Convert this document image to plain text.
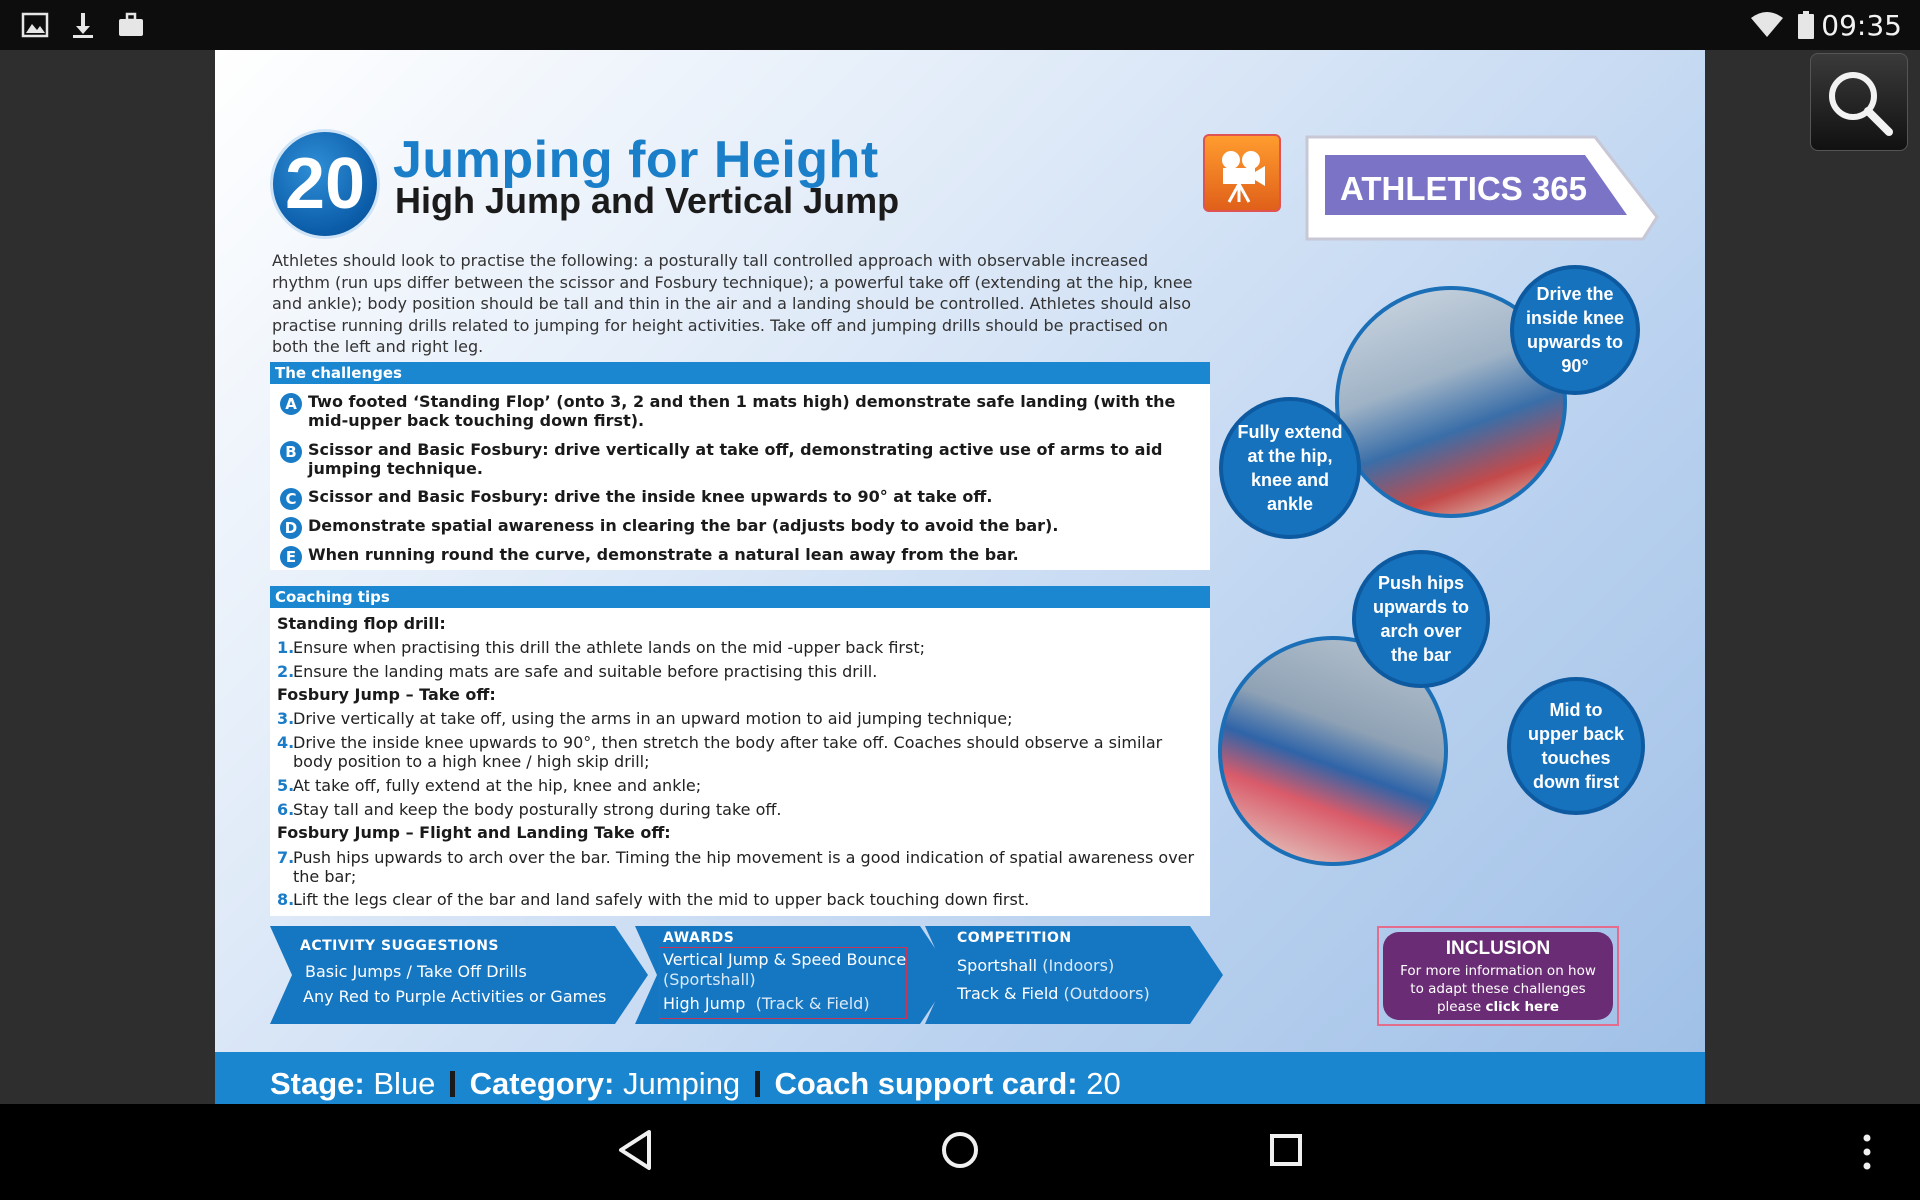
09:35
20 Jumping for Height
High Jump and Vertical Jump	ATHLETICS 365
Athletes should look to practise the following: a posturally tall controlled approach with observable increased rhythm (run ups differ between the scissor and Fosbury technique); a powerful take off (extending at the hip, knee and ankle); body position should be tall and thin in the air and a landing should be controlled. Athletes should also practise running drills related to jumping for height activities. Take off and jumping drills should be practised on both the left and right leg.
The challenges
A Two footed ‘Standing Flop’ (onto 3, 2 and then 1 mats high) demonstrate safe landing (with the mid-upper back touching down first).
B Scissor and Basic Fosbury: drive vertically at take off, demonstrating active use of arms to aid jumping technique.
C Scissor and Basic Fosbury: drive the inside knee upwards to 90° at take off.
D Demonstrate spatial awareness in clearing the bar (adjusts body to avoid the bar).
E When running round the curve, demonstrate a natural lean away from the bar.
Coaching tips
Standing flop drill:
1.
Ensure when practising this drill the athlete lands on the mid -upper back first;
2.
Ensure the landing mats are safe and suitable before practising this drill.
Fosbury Jump – Take off:
3.
Drive vertically at take off, using the arms in an upward motion to aid jumping technique;
4.
Drive the inside knee upwards to 90°, then stretch the body after take off. Coaches should observe a similar body position to a high knee / high skip drill;
5.
At take off, fully extend at the hip, knee and ankle;
6.
Stay tall and keep the body posturally strong during take off.
Fosbury Jump – Flight and Landing Take off:
7.
Push hips upwards to arch over the bar. Timing the hip movement is a good indication of spatial awareness over the bar;
8.
Lift the legs clear of the bar and land safely with the mid to upper back touching down first.
Drive the inside knee upwards to 90°
Fully extend at the hip, knee and ankle
Push hips upwards to arch over the bar
Mid to upper back touches down first
ACTIVITY SUGGESTIONS
Basic Jumps / Take Off Drills
Any Red to Purple Activities or Games
AWARDS
Vertical Jump & Speed Bounce
(Sportshall)
High Jump (Track & Field)
COMPETITION
Sportshall (Indoors)
Track & Field (Outdoors)
INCLUSION
For more information on how
to adapt these challenges
please click here
Stage: Blue Category: Jumping Coach support card: 20
